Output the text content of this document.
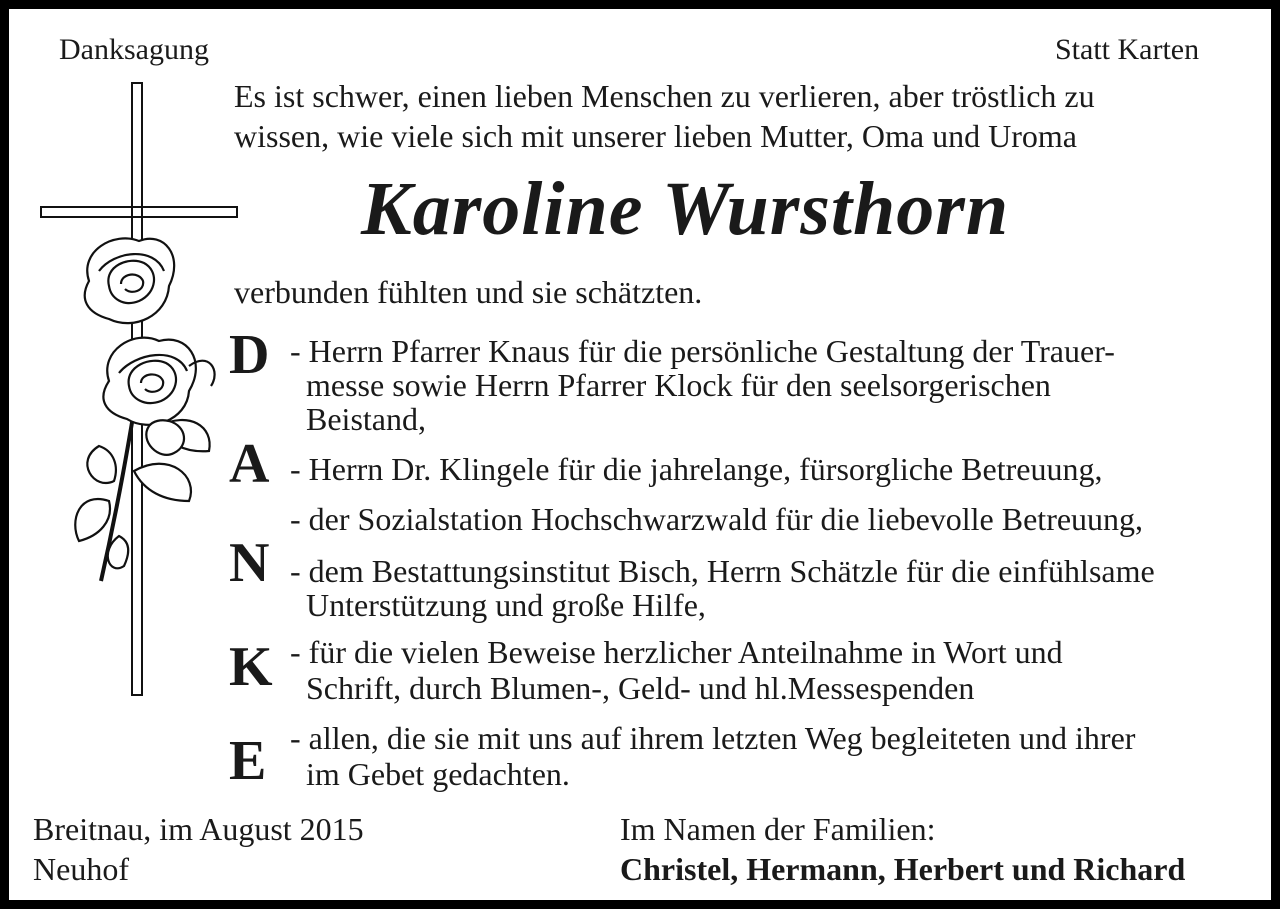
Danksagung	Statt Karten
Es ist schwer, einen lieben Menschen zu verlieren, aber tröstlich zu
wissen, wie viele sich mit unserer lieben Mutter, Oma und Uroma
Karoline Wursthorn
verbunden fühlten und sie schätzten.
D
A
N
K
E
- Herrn Pfarrer Knaus für die persönliche Gestaltung der Trauer-
messe sowie Herrn Pfarrer Klock für den seelsorgerischen
Beistand,
- Herrn Dr. Klingele für die jahrelange, fürsorgliche Betreuung,
- der Sozialstation Hochschwarzwald für die liebevolle Betreuung,
- dem Bestattungsinstitut Bisch, Herrn Schätzle für die einfühlsame
Unterstützung und große Hilfe,
- für die vielen Beweise herzlicher Anteilnahme in Wort und
Schrift, durch Blumen-, Geld- und hl.Messespenden
- allen, die sie mit uns auf ihrem letzten Weg begleiteten und ihrer
im Gebet gedachten.
Breitnau, im August 2015
Neuhof
Im Namen der Familien:
Christel, Hermann, Herbert und Richard
